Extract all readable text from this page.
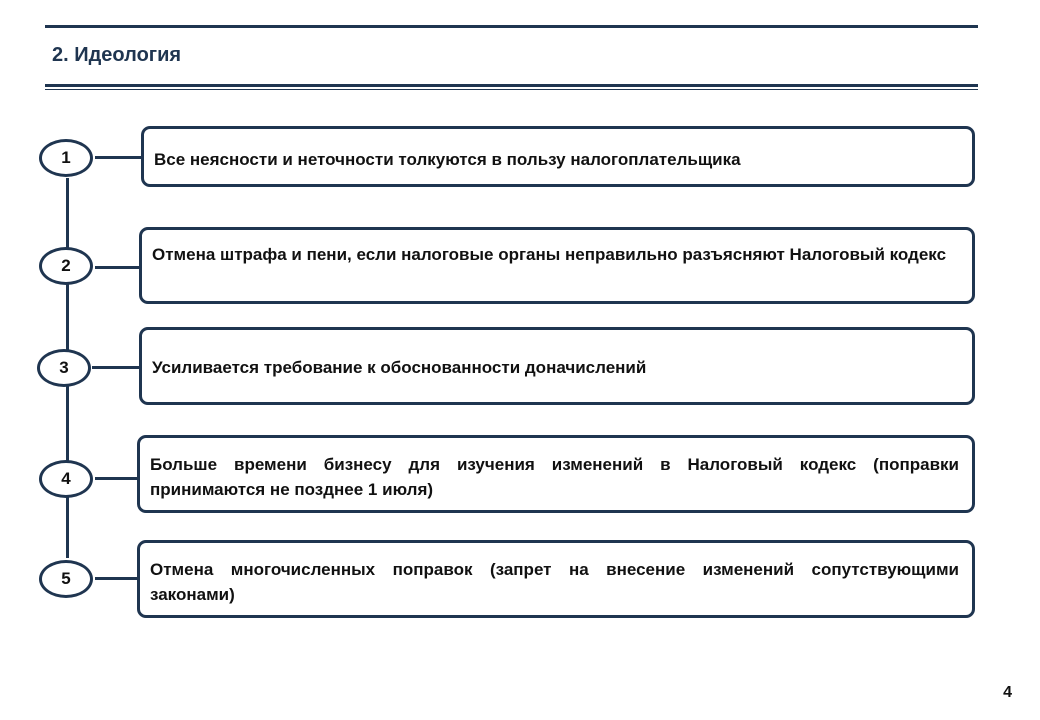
2. Идеология
1	Все неясности и неточности толкуются в пользу налогоплательщика
2
Отмена штрафа и пени, если налоговые органы неправильно разъясняют Налоговый кодекс
3	Усиливается требование к обоснованности доначислений
4
Больше времени бизнесу для изучения изменений в Налоговый кодекс (поправки принимаются не позднее 1 июля)
5	Отмена многочисленных поправок (запрет на внесение изменений сопутствующими законами)
4
